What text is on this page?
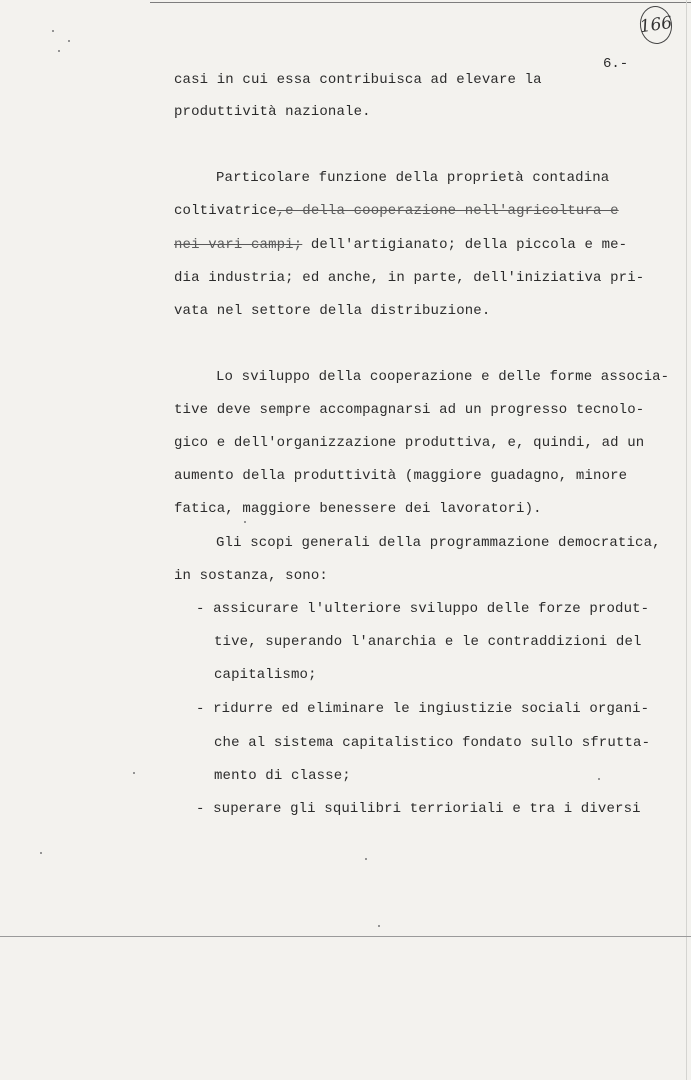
166
6.-
casi in cui essa contribuisca ad elevare la
produttività nazionale.
Particolare funzione della proprietà contadina
coltivatrice,e della cooperazione nell'agricoltura e
nei vari campi; dell'artigianato; della piccola e me-
dia industria; ed anche, in parte, dell'iniziativa pri-
vata nel settore della distribuzione.
Lo sviluppo della cooperazione e delle forme associa-
tive deve sempre accompagnarsi ad un progresso tecnolo-
gico e dell'organizzazione produttiva, e, quindi, ad un
aumento della produttività (maggiore guadagno, minore
fatica, maggiore benessere dei lavoratori).
Gli scopi generali della programmazione democratica,
in sostanza, sono:
- assicurare l'ulteriore sviluppo delle forze produt-
tive, superando l'anarchia e le contraddizioni del
capitalismo;
- ridurre ed eliminare le ingiustizie sociali organi-
che al sistema capitalistico fondato sullo sfrutta-
mento di classe;
- superare gli squilibri terrioriali e tra i diversi
